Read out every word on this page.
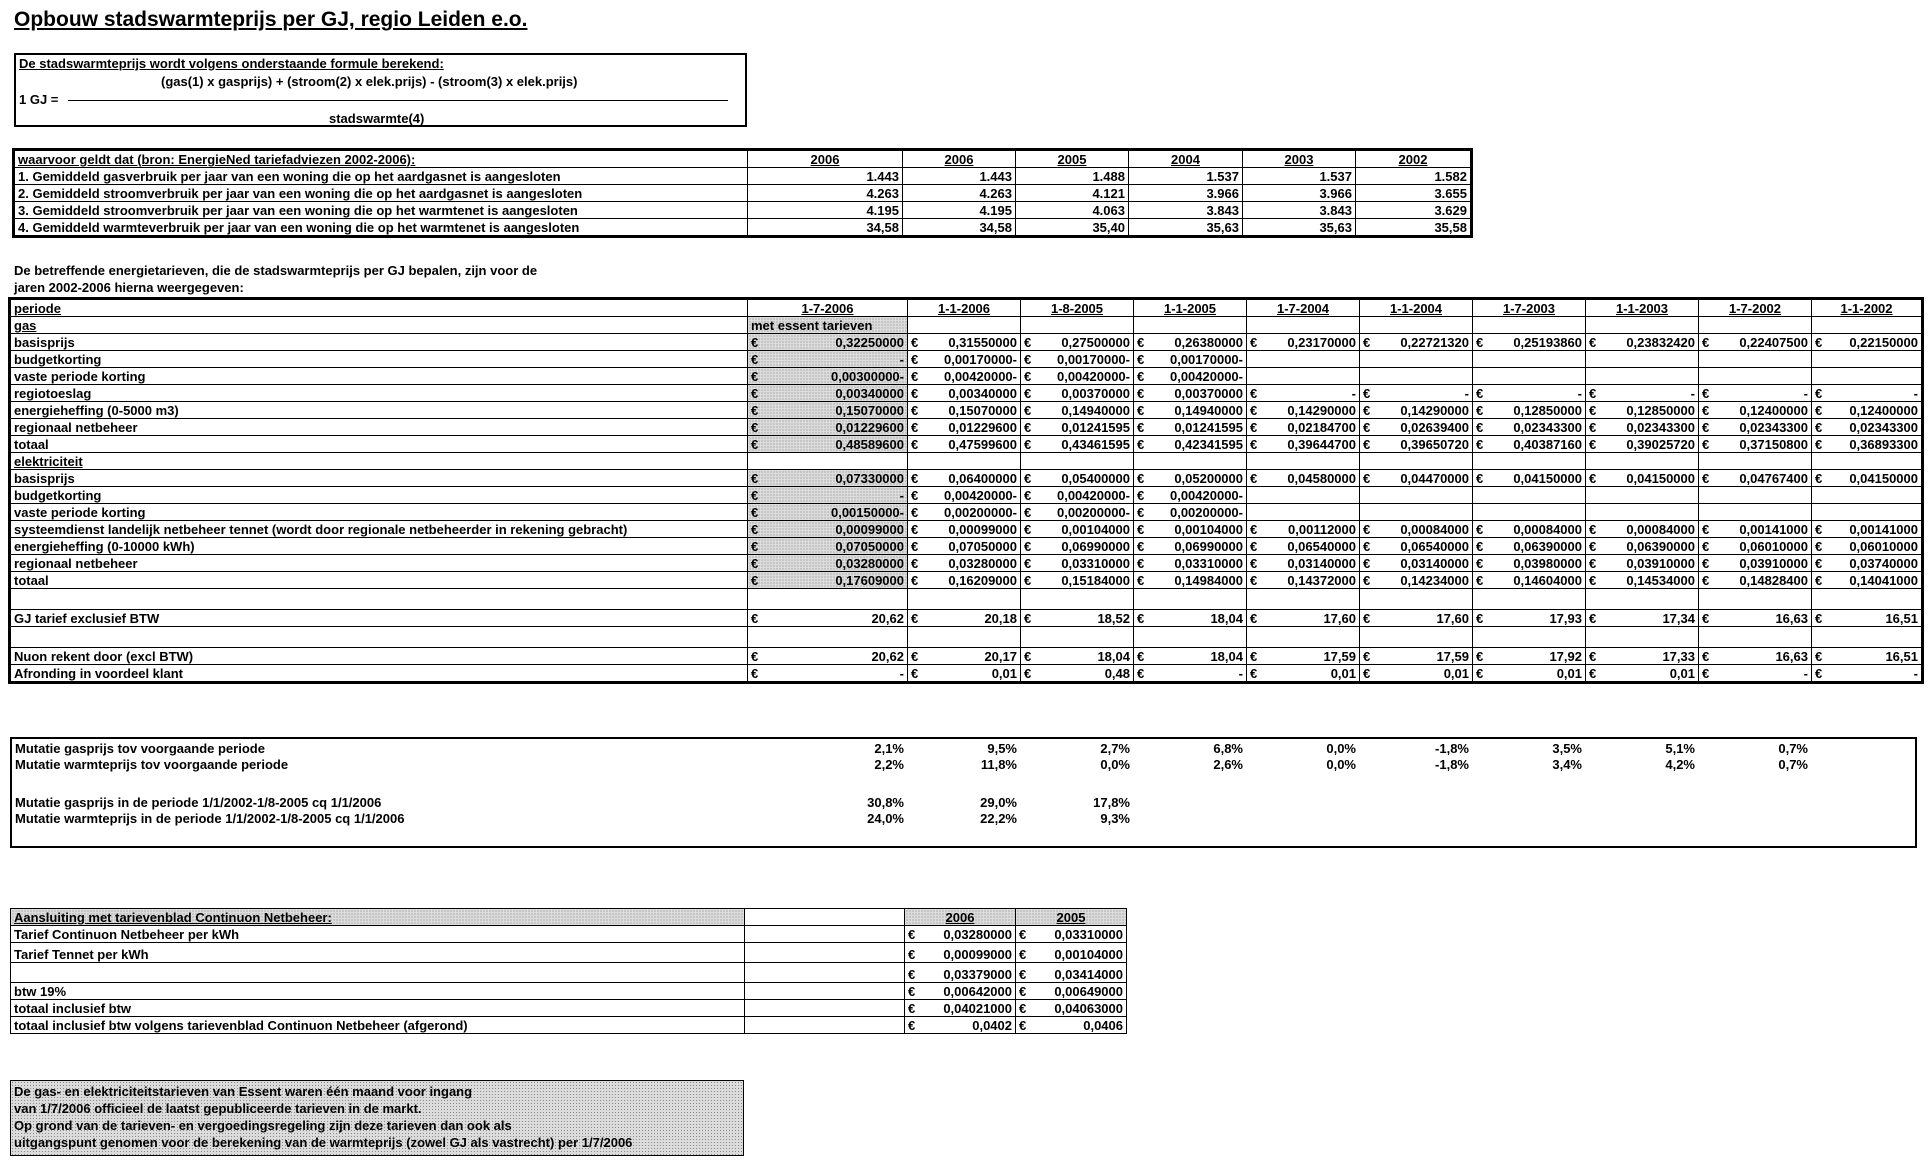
Opbouw stadswarmteprijs per GJ, regio Leiden e.o.
De stadswarmteprijs wordt volgens onderstaande formule berekend:
(gas(1) x gasprijs) + (stroom(2) x elek.prijs) - (stroom(3) x elek.prijs)
1 GJ =
stadswarmte(4)
waarvoor geldt dat (bron: EnergieNed tariefadviezen 2002-2006):	2006	2006	2005	2004	2003	2002
1. Gemiddeld gasverbruik per jaar van een woning die op het aardgasnet is aangesloten	1.443	1.443	1.488	1.537	1.537	1.582
2. Gemiddeld stroomverbruik per jaar van een woning die op het aardgasnet is aangesloten	4.263	4.263	4.121	3.966	3.966	3.655
3. Gemiddeld stroomverbruik per jaar van een woning die op het warmtenet is aangesloten	4.195	4.195	4.063	3.843	3.843	3.629
4. Gemiddeld warmteverbruik per jaar van een woning die op het warmtenet is aangesloten	34,58	34,58	35,40	35,63	35,63	35,58
De betreffende energietarieven, die de stadswarmteprijs per GJ bepalen, zijn voor de
jaren 2002-2006 hierna weergegeven:
periode	1-7-2006	1-1-2006	1-8-2005	1-1-2005	1-7-2004	1-1-2004	1-7-2003	1-1-2003	1-7-2002	1-1-2002
gas	met essent tarieven									
basisprijs	€ 0,32250000	€ 0,31550000	€ 0,27500000	€ 0,26380000	€ 0,23170000	€ 0,22721320	€ 0,25193860	€ 0,23832420	€ 0,22407500	€ 0,22150000

budgetkorting	€ -	€ 0,00170000-	€ 0,00170000-	€ 0,00170000-						

vaste periode korting	€ 0,00300000-	€ 0,00420000-	€ 0,00420000-	€ 0,00420000-						

regiotoeslag	€ 0,00340000	€ 0,00340000	€ 0,00370000	€ 0,00370000	€ -	€ -	€ -	€ -	€ -	€ -

energieheffing (0-5000 m3)	€ 0,15070000	€ 0,15070000	€ 0,14940000	€ 0,14940000	€ 0,14290000	€ 0,14290000	€ 0,12850000	€ 0,12850000	€ 0,12400000	€ 0,12400000

regionaal netbeheer	€ 0,01229600	€ 0,01229600	€ 0,01241595	€ 0,01241595	€ 0,02184700	€ 0,02639400	€ 0,02343300	€ 0,02343300	€ 0,02343300	€ 0,02343300

totaal	€ 0,48589600	€ 0,47599600	€ 0,43461595	€ 0,42341595	€ 0,39644700	€ 0,39650720	€ 0,40387160	€ 0,39025720	€ 0,37150800	€ 0,36893300

elektriciteit										
basisprijs	€ 0,07330000	€ 0,06400000	€ 0,05400000	€ 0,05200000	€ 0,04580000	€ 0,04470000	€ 0,04150000	€ 0,04150000	€ 0,04767400	€ 0,04150000

budgetkorting	€ -	€ 0,00420000-	€ 0,00420000-	€ 0,00420000-						

vaste periode korting	€ 0,00150000-	€ 0,00200000-	€ 0,00200000-	€ 0,00200000-						

systeemdienst landelijk netbeheer tennet (wordt door regionale netbeheerder in rekening gebracht)	€ 0,00099000	€ 0,00099000	€ 0,00104000	€ 0,00104000	€ 0,00112000	€ 0,00084000	€ 0,00084000	€ 0,00084000	€ 0,00141000	€ 0,00141000

energieheffing (0-10000 kWh)	€ 0,07050000	€ 0,07050000	€ 0,06990000	€ 0,06990000	€ 0,06540000	€ 0,06540000	€ 0,06390000	€ 0,06390000	€ 0,06010000	€ 0,06010000

regionaal netbeheer	€ 0,03280000	€ 0,03280000	€ 0,03310000	€ 0,03310000	€ 0,03140000	€ 0,03140000	€ 0,03980000	€ 0,03910000	€ 0,03910000	€ 0,03740000

totaal	€ 0,17609000	€ 0,16209000	€ 0,15184000	€ 0,14984000	€ 0,14372000	€ 0,14234000	€ 0,14604000	€ 0,14534000	€ 0,14828400	€ 0,14041000

GJ tarief exclusief BTW	€ 20,62	€ 20,18	€ 18,52	€ 18,04	€ 17,60	€ 17,60	€ 17,93	€ 17,34	€ 16,63	€ 16,51

Nuon rekent door (excl BTW)	€ 20,62	€ 20,17	€ 18,04	€ 18,04	€ 17,59	€ 17,59	€ 17,92	€ 17,33	€ 16,63	€ 16,51

Afronding in voordeel klant	€ -	€ 0,01	€ 0,48	€ -	€ 0,01	€ 0,01	€ 0,01	€ 0,01	€ -	€ -
Mutatie gasprijs tov voorgaande periode	2,1%	9,5%	2,7%	6,8%	0,0%	-1,8%	3,5%	5,1%	0,7%	
Mutatie warmteprijs tov voorgaande periode	2,2%	11,8%	0,0%	2,6%	0,0%	-1,8%	3,4%	4,2%	0,7%	

Mutatie gasprijs in de periode 1/1/2002-1/8-2005 cq 1/1/2006	30,8%	29,0%	17,8%							
Mutatie warmteprijs in de periode 1/1/2002-1/8-2005 cq 1/1/2006	24,0%	22,2%	9,3%							
Aansluiting met tarievenblad Continuon Netbeheer:		2006	2005
Tarief Continuon Netbeheer per kWh		€ 0,03280000	€ 0,03310000

Tarief Tennet per kWh		€ 0,00099000	€ 0,00104000

		€ 0,03379000	€ 0,03414000

btw 19%		€ 0,00642000	€ 0,00649000

totaal inclusief btw		€ 0,04021000	€ 0,04063000

totaal inclusief btw volgens tarievenblad Continuon Netbeheer (afgerond)		€ 0,0402	€ 0,0406
De gas- en elektriciteitstarieven van Essent waren één maand voor ingang
van 1/7/2006 officieel de laatst gepubliceerde tarieven in de markt.
Op grond van de tarieven- en vergoedingsregeling zijn deze tarieven dan ook als
uitgangspunt genomen voor de berekening van de warmteprijs (zowel GJ als vastrecht) per 1/7/2006
